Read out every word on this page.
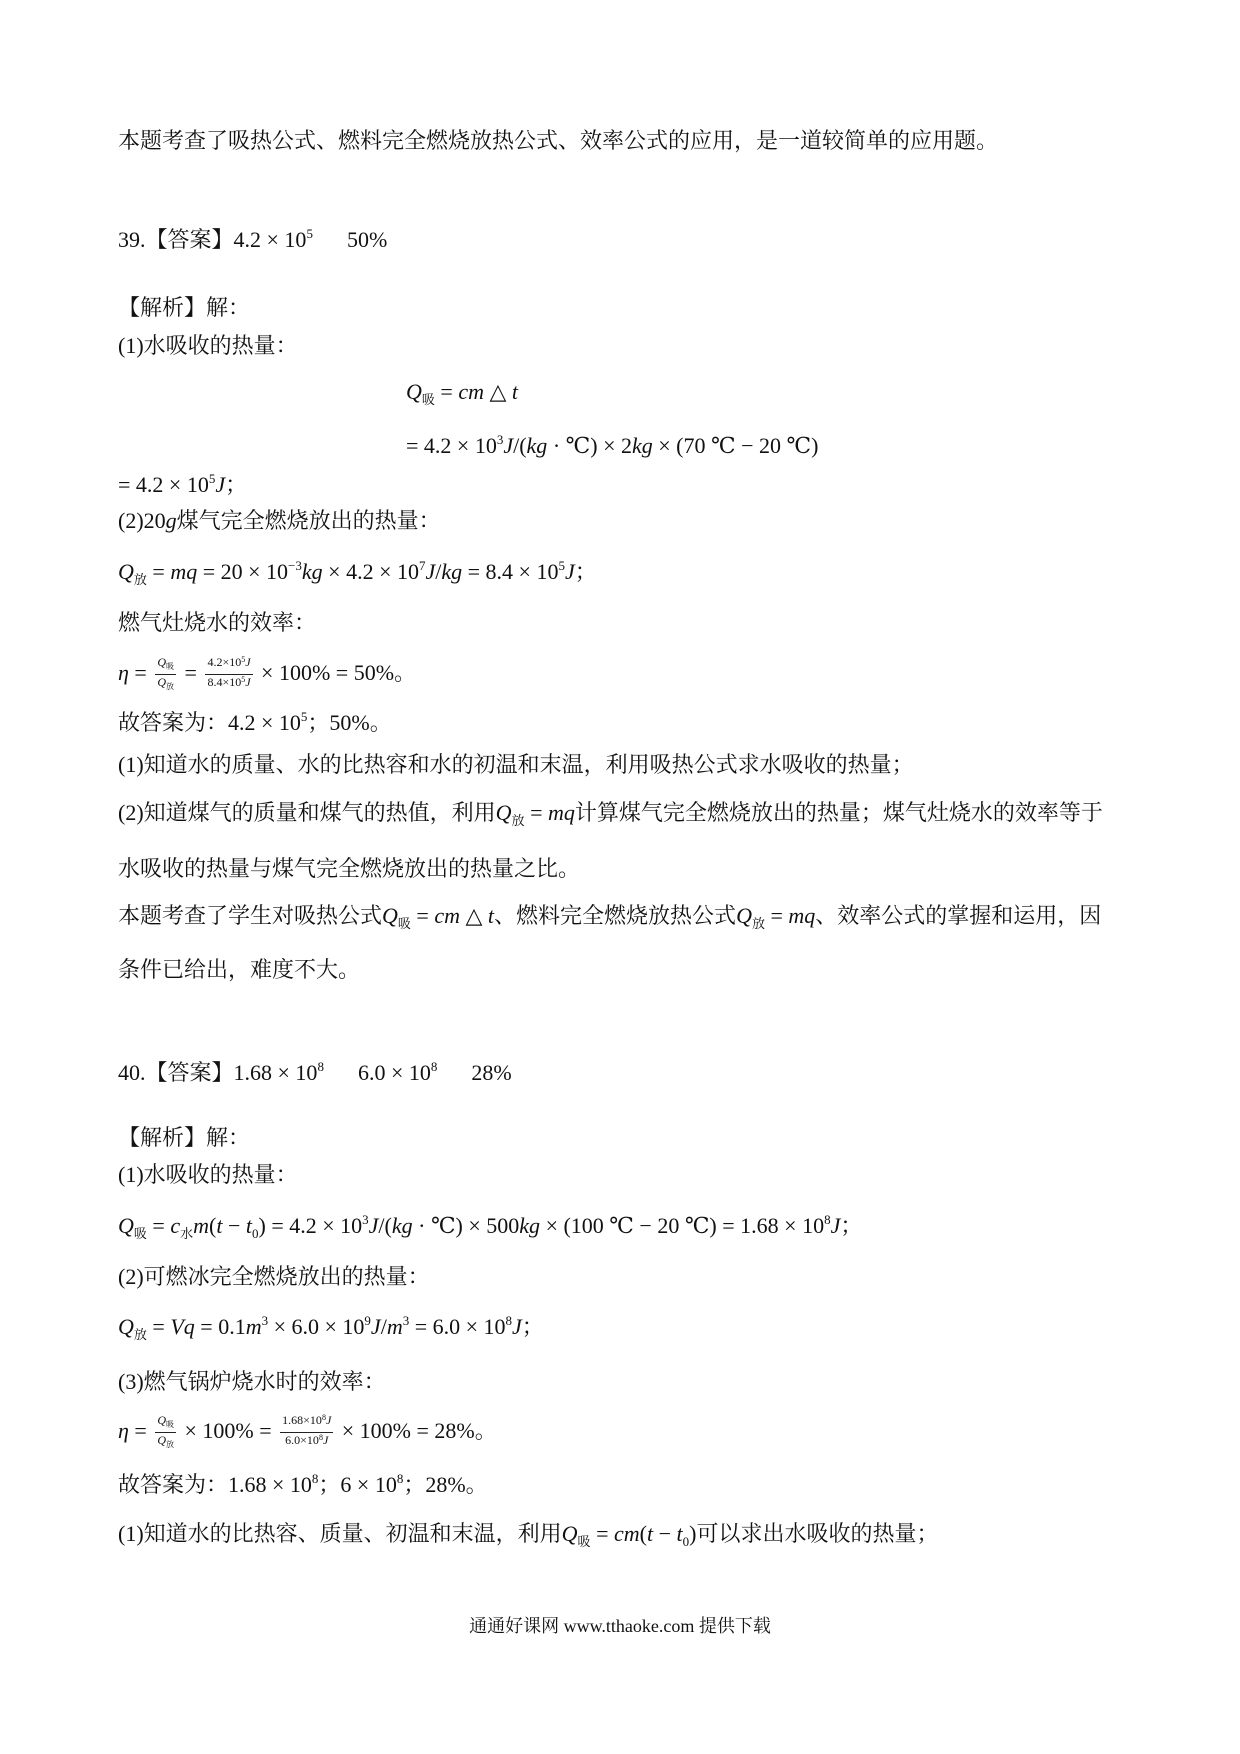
本题考查了吸热公式、燃料完全燃烧放热公式、效率公式的应用，是一道较简单的应用题。
39.【答案】$4.2 \times 10^5$ 50%
【解析】解：
(1)水吸收的热量：
$Q_吸$ = cm △ t
= $4.2 \times 10^3J/(kg$ · ℃) × 2kg × (70 ℃ − 20 ℃)
= $4.2 \times 10^5J$；
(2)20g煤气完全燃烧放出的热量：
$Q_放$ = mq = $20 \times 10^{-3}kg \times 4.2 \times 10^7J/kg = 8.4 \times 10^5J$；
燃气灶烧水的效率：
$\eta = \frac{\text{Q吸}}{\text{Q放}} = \frac{4.2\times 10^5J}{8.4\times 10^5J} \times 100\% = 50\%$。
故答案为：$4.2 \times 10^5$；50%。
(1)知道水的质量、水的比热容和水的初温和末温，利用吸热公式求水吸收的热量；
(2)知道煤气的质量和煤气的热值，利用$Q_放$ = mq计算煤气完全燃烧放出的热量；煤气灶烧水的效率等于
水吸收的热量与煤气完全燃烧放出的热量之比。
本题考查了学生对吸热公式$Q_吸$ = cm △ t、燃料完全燃烧放热公式$Q_放$ = mq、效率公式的掌握和运用，因
条件已给出，难度不大。
40.【答案】$1.68 \times 10^8$ $6.0 \times 10^8$ 28%
【解析】解：
(1)水吸收的热量：
$Q_吸 = c_水m(t - t_0) = 4.2 \times 10^3J/(kg$ · ℃) × 500kg × (100 ℃ − 20 ℃) = $1.68 \times 10^8J$；
(2)可燃冰完全燃烧放出的热量：
$Q_放 = Vq = 0.1m^3 \times 6.0 \times 10^9J/m^3 = 6.0 \times 10^8J$；
(3)燃气锅炉烧水时的效率：
$\eta = \frac{\text{Q吸}}{\text{Q放}} \times 100\% = \frac{1.68\times 10^8J}{6.0\times 10^8J} \times 100\% = 28\%$。
故答案为：$1.68 \times 10^8$；$6 \times 10^8$；28%。
(1)知道水的比热容、质量、初温和末温，利用$Q_吸 = cm(t - t_0)$可以求出水吸收的热量；
通通好课网 www.tthaoke.com 提供下载
